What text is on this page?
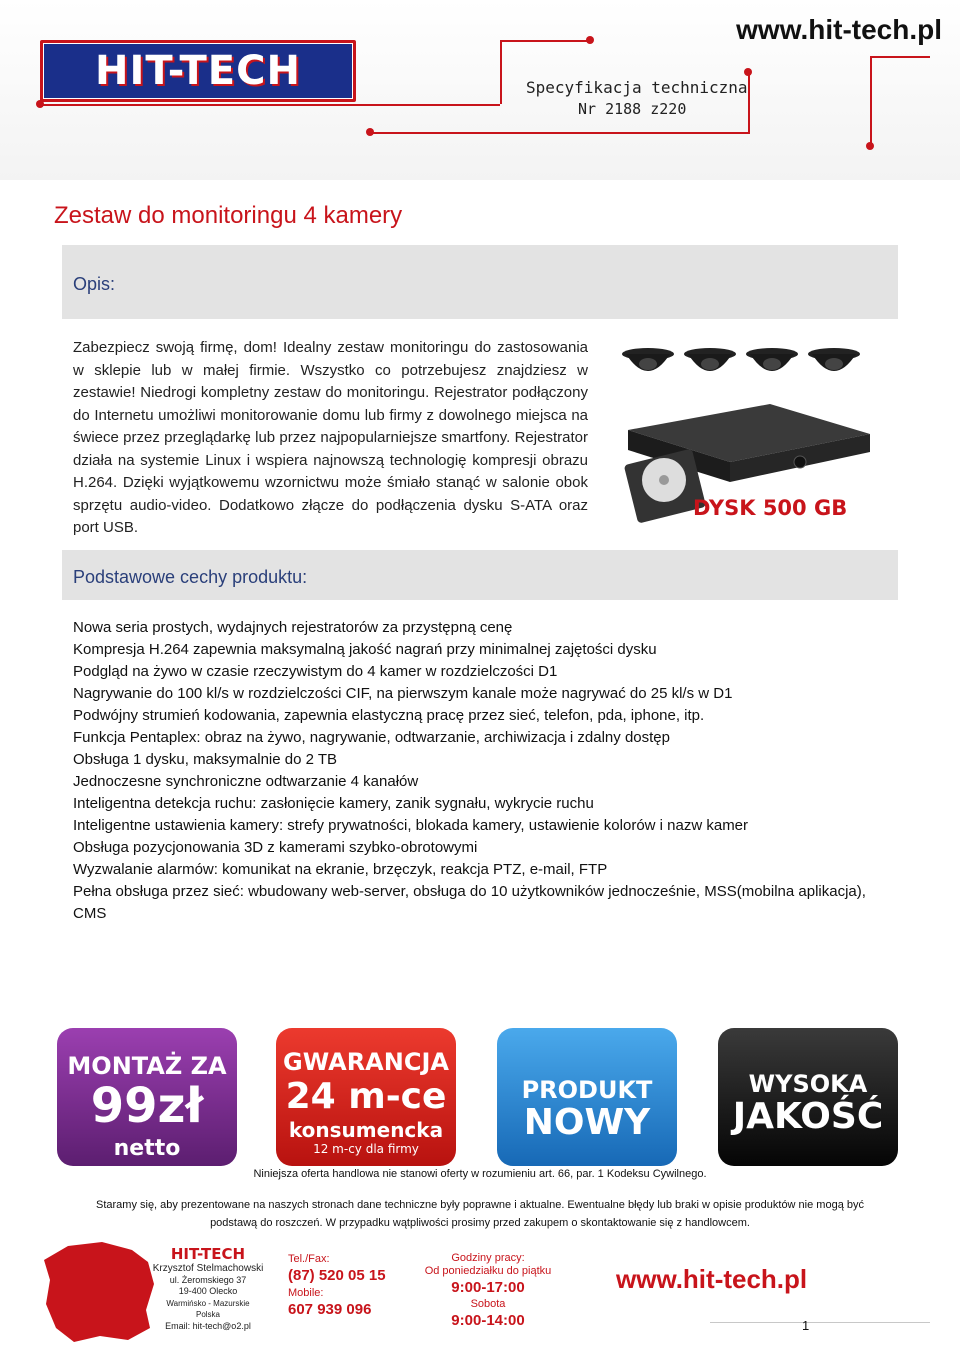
www.hit-tech.pl
HIT-TECH	Specyfikacja techniczna
Nr 2188 z220
Zestaw do monitoringu 4 kamery
Opis:
Zabezpiecz swoją firmę, dom! Idealny zestaw monitoringu do zastosowania w sklepie lub w małej firmie. Wszystko co potrzebujesz znajdziesz w zestawie! Niedrogi kompletny zestaw do monitoringu. Rejestrator podłączony do Internetu umożliwi monitorowanie domu lub firmy z dowolnego miejsca na świece przez przeglądarkę lub przez najpopularniejsze smartfony. Rejestrator działa na systemie Linux i wspiera najnowszą technologię kompresji obrazu H.264. Dzięki wyjątkowemu wzornictwu może śmiało stanąć w salonie obok sprzętu audio-video. Dodatkowo złącze do podłączenia dysku S-ATA oraz port USB.
DYSK 500 GB
Podstawowe cechy produktu:
Nowa seria prostych, wydajnych rejestratorów za przystępną cenę
Kompresja H.264 zapewnia maksymalną jakość nagrań przy minimalnej zajętości dysku
Podgląd na żywo w czasie rzeczywistym do 4 kamer w rozdzielczości D1
Nagrywanie do 100 kl/s w rozdzielczości CIF, na pierwszym kanale może nagrywać do 25 kl/s w D1
Podwójny strumień kodowania, zapewnia elastyczną pracę przez sieć, telefon, pda, iphone, itp.
Funkcja Pentaplex: obraz na żywo, nagrywanie, odtwarzanie, archiwizacja i zdalny dostęp
Obsługa 1 dysku, maksymalnie do 2 TB
Jednoczesne synchroniczne odtwarzanie 4 kanałów
Inteligentna detekcja ruchu: zasłonięcie kamery, zanik sygnału, wykrycie ruchu
Inteligentne ustawienia kamery: strefy prywatności, blokada kamery, ustawienie kolorów i nazw kamer
Obsługa pozycjonowania 3D z kamerami szybko-obrotowymi
Wyzwalanie alarmów: komunikat na ekranie, brzęczyk, reakcja PTZ, e-mail, FTP
Pełna obsługa przez sieć: wbudowany web-server, obsługa do 10 użytkowników jednocześnie, MSS(mobilna aplikacja), CMS
MONTAŻ ZA
99zł
netto
GWARANCJA
24 m-ce
konsumencka
12 m-cy dla firmy
PRODUKT
NOWY
WYSOKA
JAKOŚĆ
Niniejsza oferta handlowa nie stanowi oferty w rozumieniu art. 66, par. 1 Kodeksu Cywilnego.
Staramy się, aby prezentowane na naszych stronach dane techniczne były poprawne i aktualne. Ewentualne błędy lub braki w opisie produktów nie mogą być podstawą do roszczeń. W przypadku wątpliwości prosimy przed zakupem o skontaktowanie się z handlowcem.
HIT-TECH
Krzysztof Stelmachowski
ul. Żeromskiego 37
19-400 Olecko
Warmińsko - Mazurskie
Polska
Email: hit-tech@o2.pl
Tel./Fax:
(87) 520 05 15
Mobile:
607 939 096
Godziny pracy:
Od poniedziałku do piątku
9:00-17:00
Sobota
9:00-14:00
www.hit-tech.pl
1
